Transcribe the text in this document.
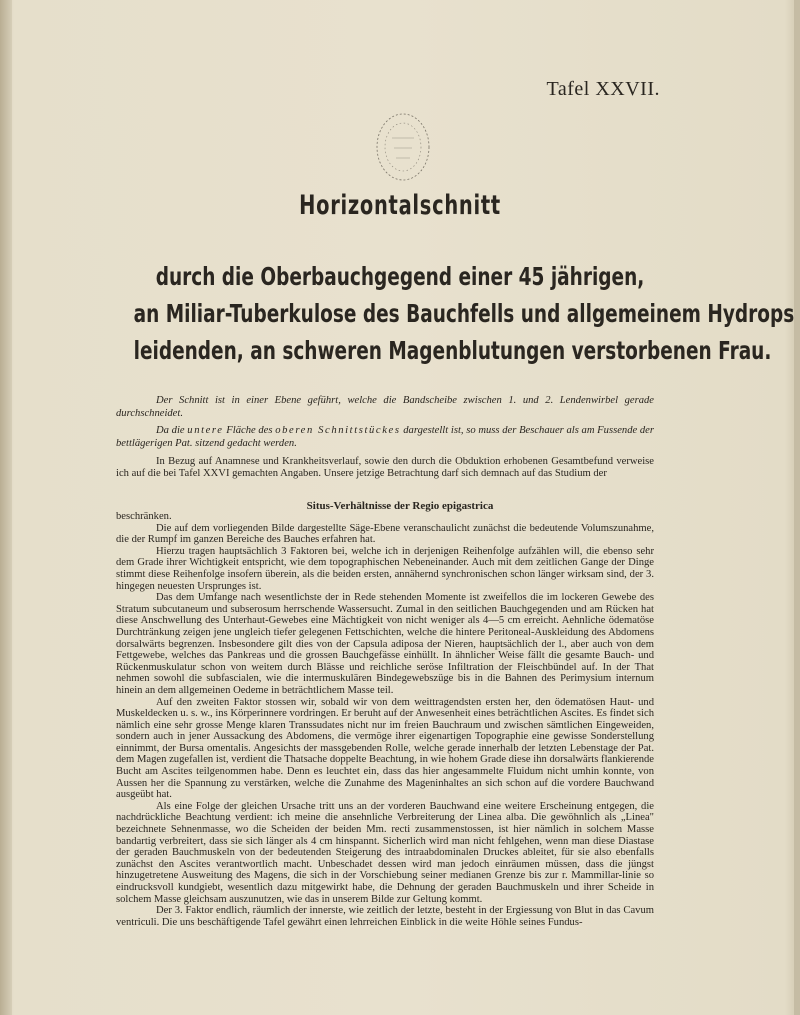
Tafel XXVII.
Horizontalschnitt
durch die Oberbauchgegend einer 45 jährigen,
an Miliar-Tuberkulose des Bauchfells und allgemeinem Hydrops
leidenden, an schweren Magenblutungen verstorbenen Frau.

Der Schnitt ist in einer Ebene geführt, welche die Bandscheibe zwischen 1. und 2. Lendenwirbel gerade durchschneidet.

Da die untere Fläche des oberen Schnittstückes dargestellt ist, so muss der Beschauer als am Fussende der bettlägerigen Pat. sitzend gedacht werden.

In Bezug auf Anamnese und Krankheitsverlauf, sowie den durch die Obduktion erhobenen Gesamtbefund verweise ich auf die bei Tafel XXVI gemachten Angaben. Unsere jetzige Betrachtung darf sich demnach auf das Studium der

Situs-Verhältnisse der Regio epigastrica

beschränken.

Die auf dem vorliegenden Bilde dargestellte Säge-Ebene veranschaulicht zunächst die bedeutende Volumszunahme, die der Rumpf im ganzen Bereiche des Bauches erfahren hat.

Hierzu tragen hauptsächlich 3 Faktoren bei, welche ich in derjenigen Reihenfolge aufzählen will, die ebenso sehr dem Grade ihrer Wichtigkeit entspricht, wie dem topographischen Nebeneinander. Auch mit dem zeitlichen Gange der Dinge stimmt diese Reihenfolge insofern überein, als die beiden ersten, annähernd synchronischen schon länger wirksam sind, der 3. hingegen neuesten Ursprunges ist.

Das dem Umfange nach wesentlichste der in Rede stehenden Momente ist zweifellos die im lockeren Gewebe des Stratum subcutaneum und subserosum herrschende Wassersucht. Zumal in den seitlichen Bauchgegenden und am Rücken hat diese Anschwellung des Unterhaut-Gewebes eine Mächtigkeit von nicht weniger als 4—5 cm erreicht. Aehnliche ödematöse Durchtränkung zeigen jene ungleich tiefer gelegenen Fettschichten, welche die hintere Peritoneal-Auskleidung des Abdomens dorsalwärts begrenzen. Insbesondere gilt dies von der Capsula adiposa der Nieren, hauptsächlich der l., aber auch von dem Fettgewebe, welches das Pankreas und die grossen Bauchgefässe einhüllt. In ähnlicher Weise fällt die gesamte Bauch- und Rückenmuskulatur schon von weitem durch Blässe und reichliche seröse Infiltration der Fleischbündel auf. In der That nehmen sowohl die subfascialen, wie die intermuskulären Bindegewebszüge bis in die Bahnen des Perimysium internum hinein an dem allgemeinen Oedeme in beträchtlichem Masse teil.

Auf den zweiten Faktor stossen wir, sobald wir von dem weittragendsten ersten her, den ödematösen Haut- und Muskeldecken u. s. w., ins Körperinnere vordringen. Er beruht auf der Anwesenheit eines beträchtlichen Ascites. Es findet sich nämlich eine sehr grosse Menge klaren Transsudates nicht nur im freien Bauchraum und zwischen sämtlichen Eingeweiden, sondern auch in jener Aussackung des Abdomens, die vermöge ihrer eigenartigen Topographie eine gewisse Sonderstellung einnimmt, der Bursa omentalis. Angesichts der massgebenden Rolle, welche gerade innerhalb der letzten Lebenstage der Pat. dem Magen zugefallen ist, verdient die Thatsache doppelte Beachtung, in wie hohem Grade diese ihn dorsalwärts flankierende Bucht am Ascites teilgenommen habe. Denn es leuchtet ein, dass das hier angesammelte Fluidum nicht umhin konnte, von Aussen her die Spannung zu verstärken, welche die Zunahme des Mageninhaltes an sich schon auf die vordere Bauchwand ausgeübt hat.

Als eine Folge der gleichen Ursache tritt uns an der vorderen Bauchwand eine weitere Erscheinung entgegen, die nachdrückliche Beachtung verdient: ich meine die ansehnliche Verbreiterung der Linea alba. Die gewöhnlich als „Linea" bezeichnete Sehnenmasse, wo die Scheiden der beiden Mm. recti zusammenstossen, ist hier nämlich in solchem Masse bandartig verbreitert, dass sie sich länger als 4 cm hinspannt. Sicherlich wird man nicht fehlgehen, wenn man diese Diastase der geraden Bauchmuskeln von der bedeutenden Steigerung des intraabdominalen Druckes ableitet, für sie also ebenfalls zunächst den Ascites verantwortlich macht. Unbeschadet dessen wird man jedoch einräumen müssen, dass die jüngst hinzugetretene Ausweitung des Magens, die sich in der Vorschiebung seiner medianen Grenze bis zur r. Mammillar-linie so eindrucksvoll kundgiebt, wesentlich dazu mitgewirkt habe, die Dehnung der geraden Bauchmuskeln und ihrer Scheide in solchem Masse gleichsam auszunutzen, wie das in unserem Bilde zur Geltung kommt.

Der 3. Faktor endlich, räumlich der innerste, wie zeitlich der letzte, besteht in der Ergiessung von Blut in das Cavum ventriculi. Die uns beschäftigende Tafel gewährt einen lehrreichen Einblick in die weite Höhle seines Fundus-
